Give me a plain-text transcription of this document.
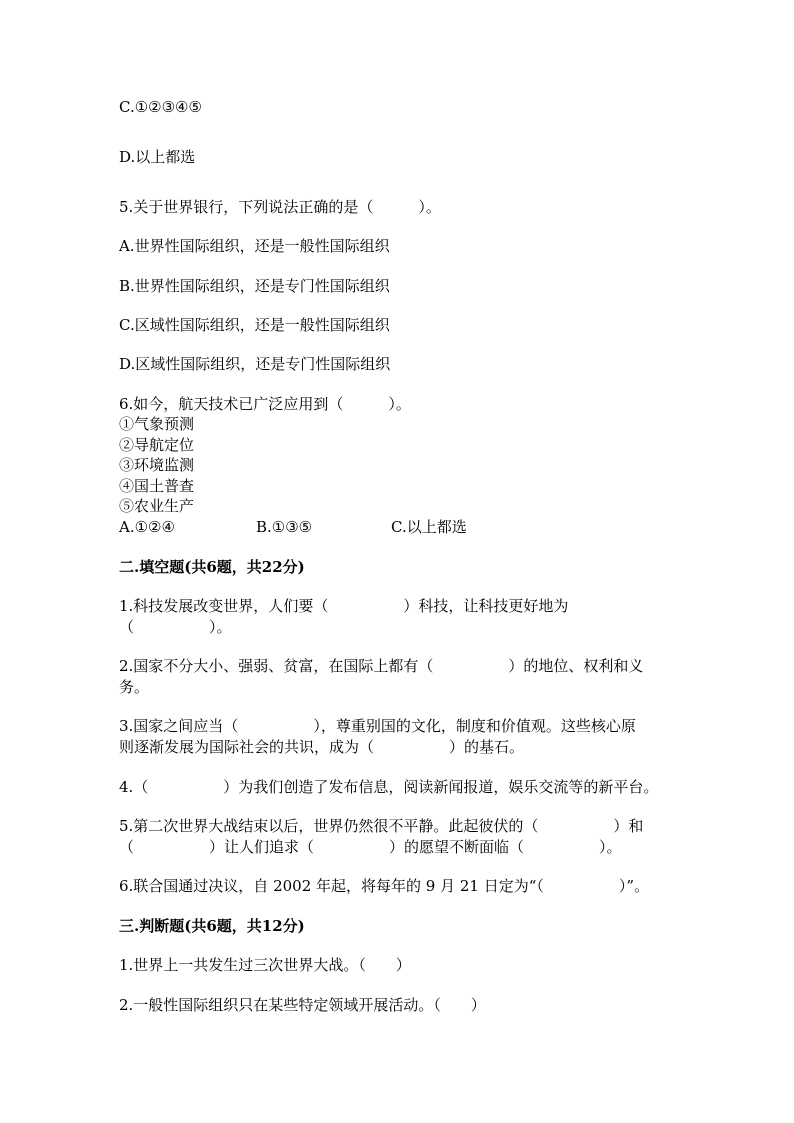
C.①②③④⑤
D.以上都选
5.关于世界银行，下列说法正确的是（　　　）。
A.世界性国际组织，还是一般性国际组织
B.世界性国际组织，还是专门性国际组织
C.区域性国际组织，还是一般性国际组织
D.区域性国际组织，还是专门性国际组织
6.如今，航天技术已广泛应用到（　　　）。
①气象预测
②导航定位
③环境监测
④国土普查
⑤农业生产

A.①②④

	B.①③⑤

	C.以上都选

二.填空题(共6题，共22分)
1.科技发展改变世界，人们要（　　　　　）科技，让科技更好地为
（　　　　　）。
2.国家不分大小、强弱、贫富，在国际上都有（　　　　　）的地位、权利和义
务。
3.国家之间应当（　　　　　），尊重别国的文化，制度和价值观。这些核心原
则逐渐发展为国际社会的共识，成为（　　　　　）的基石。
4.（　　　　　）为我们创造了发布信息，阅读新闻报道，娱乐交流等的新平台。
5.第二次世界大战结束以后，世界仍然很不平静。此起彼伏的（　　　　　）和
（　　　　　）让人们追求（　　　　　）的愿望不断面临（　　　　　）。
6.联合国通过决议，自 2002 年起，将每年的 9 月 21 日定为“（　　　　　）”。
三.判断题(共6题，共12分)
1.世界上一共发生过三次世界大战。（　　）
2.一般性国际组织只在某些特定领域开展活动。（　　）
